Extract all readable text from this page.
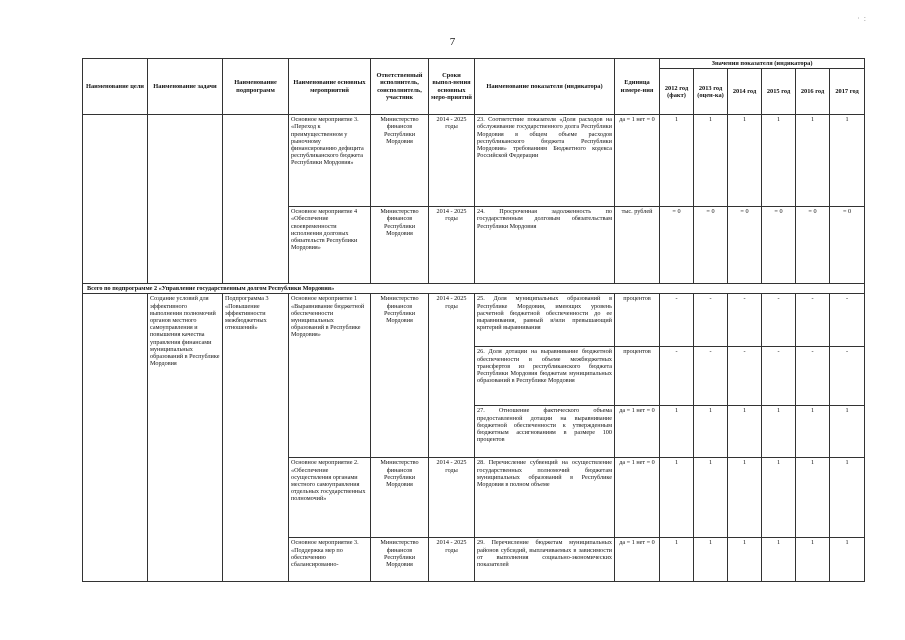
7
· :
Наименование цели	Наименование задачи	Наименование подпрограмм	Наименование основных мероприятий	Ответственный исполнитель, соисполнитель, участник	Сроки выпол-нения основных меро-приятий	Наименование показателя (индикатора)	Единица измере-ния	Значения показателя (индикатора)					
								2012 год (факт)	2013 год (оцен-ка)	2014 год	2015 год	2016 год	2017 год
			Основное мероприятие 3. «Переход к преимущественном у рыночному финансированию дефицита республиканского бюджета Республики Мордовия»	Министерство финансов Республики Мордовия	2014 - 2025 годы	23. Соответствие показателя «Доля расходов на обслуживание государственного долга Республики Мордовия в общем объеме расходов республиканского бюджета Республики Мордовия» требованиям Бюджетного кодекса Российской Федерации	да = 1 нет = 0	1	1	1	1	1	1
			Основное мероприятие 4 «Обеспечение своевременности исполнения долговых обязательств Республики Мордовия»	Министерство финансов Республики Мордовия	2014 - 2025 годы	24. Просроченная задолженность по государственным долговым обязательствам Республики Мордовия	тыс. рублей	= 0	= 0	= 0	= 0	= 0	= 0
Всего по подпрограмме 2 «Управление государственным долгом Республики Мордовия»													
	Создание условий для эффективного выполнения полномочий органов местного самоуправления и повышения качества управления финансами муниципальных образований в Республике Мордовия	Подпрограмма 3 «Повышение эффективности межбюджетных отношений»	Основное мероприятие 1 «Выравнивание бюджетной обеспеченности муниципальных образований в Республике Мордовия»	Министерство финансов Республики Мордовия	2014 - 2025 годы	25. Доля муниципальных образований в Республике Мордовия, имеющих уровень расчетной бюджетной обеспеченности до ее выравнивания, равный и/или превышающий критерий выравнивания	процентов	-	-	-	-	-	-
						26. Доля дотации на выравнивание бюджетной обеспеченности в объеме межбюджетных трансфертов из республиканского бюджета Республики Мордовия бюджетам муниципальных образований в Республике Мордовия	процентов	-	-	-	-	-	-
						27. Отношение фактического объема предоставленной дотации на выравнивание бюджетной обеспеченности к утвержденным бюджетным ассигнованиям в размере 100 процентов	да = 1 нет = 0	1	1	1	1	1	1
			Основное мероприятие 2. «Обеспечение осуществления органами местного самоуправления отдельных государственных полномочий»	Министерство финансов Республики Мордовия	2014 - 2025 годы	28. Перечисление субвенций на осуществление государственных полномочий бюджетам муниципальных образований в Республике Мордовия в полном объеме	да = 1 нет = 0	1	1	1	1	1	1
			Основное мероприятие 3. «Поддержка мер по обеспечению сбалансированно-	Министерство финансов Республики Мордовия	2014 - 2025 годы	29. Перечисление бюджетам муниципальных районов субсидий, выплачиваемых в зависимости от выполнения социально-экономических показателей	да = 1 нет = 0	1	1	1	1	1	1
